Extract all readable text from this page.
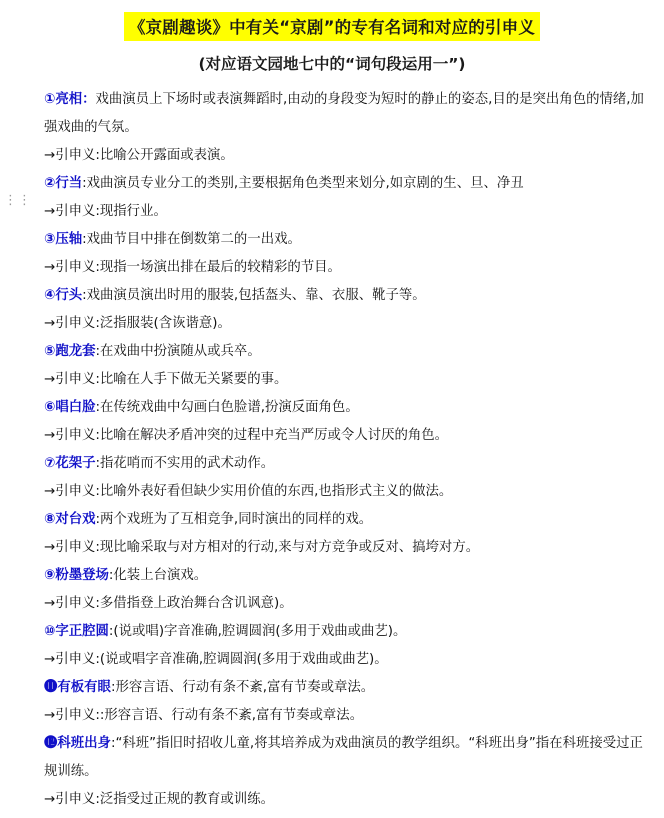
《京剧趣谈》中有关“京剧”的专有名词和对应的引申义
(对应语文园地七中的“词句段运用一”)
⋮⋮
①亮相：戏曲演员上下场时或表演舞蹈时,由动的身段变为短时的静止的姿态,目的是突出角色的情绪,加强戏曲的气氛。
→引申义:比喻公开露面或表演。
②行当:戏曲演员专业分工的类别,主要根据角色类型来划分,如京剧的生、旦、净丑
→引申义:现指行业。
③压轴:戏曲节目中排在倒数第二的一出戏。
→引申义:现指一场演出排在最后的较精彩的节目。
④行头:戏曲演员演出时用的服装,包括盔头、靠、衣服、靴子等。
→引申义:泛指服装(含诙谐意)。
⑤跑龙套:在戏曲中扮演随从或兵卒。
→引申义:比喻在人手下做无关紧要的事。
⑥唱白脸:在传统戏曲中勾画白色脸谱,扮演反面角色。
→引申义:比喻在解决矛盾冲突的过程中充当严厉或令人讨厌的角色。
⑦花架子:指花哨而不实用的武术动作。
→引申义:比喻外表好看但缺少实用价值的东西,也指形式主义的做法。
⑧对台戏:两个戏班为了互相竞争,同时演出的同样的戏。
→引申义:现比喻采取与对方相对的行动,来与对方竞争或反对、搞垮对方。
⑨粉墨登场:化装上台演戏。
→引申义:多借指登上政治舞台含讥讽意)。
⑩字正腔圆:(说或唱)字音准确,腔调圆润(多用于戏曲或曲艺)。
→引申义:(说或唱字音准确,腔调圆润(多用于戏曲或曲艺)。
⓫有板有眼:形容言语、行动有条不紊,富有节奏或章法。
→引申义::形容言语、行动有条不紊,富有节奏或章法。
⓬科班出身:“科班”指旧时招收儿童,将其培养成为戏曲演员的教学组织。“科班出身”指在科班接受过正规训练。
→引申义:泛指受过正规的教育或训练。
